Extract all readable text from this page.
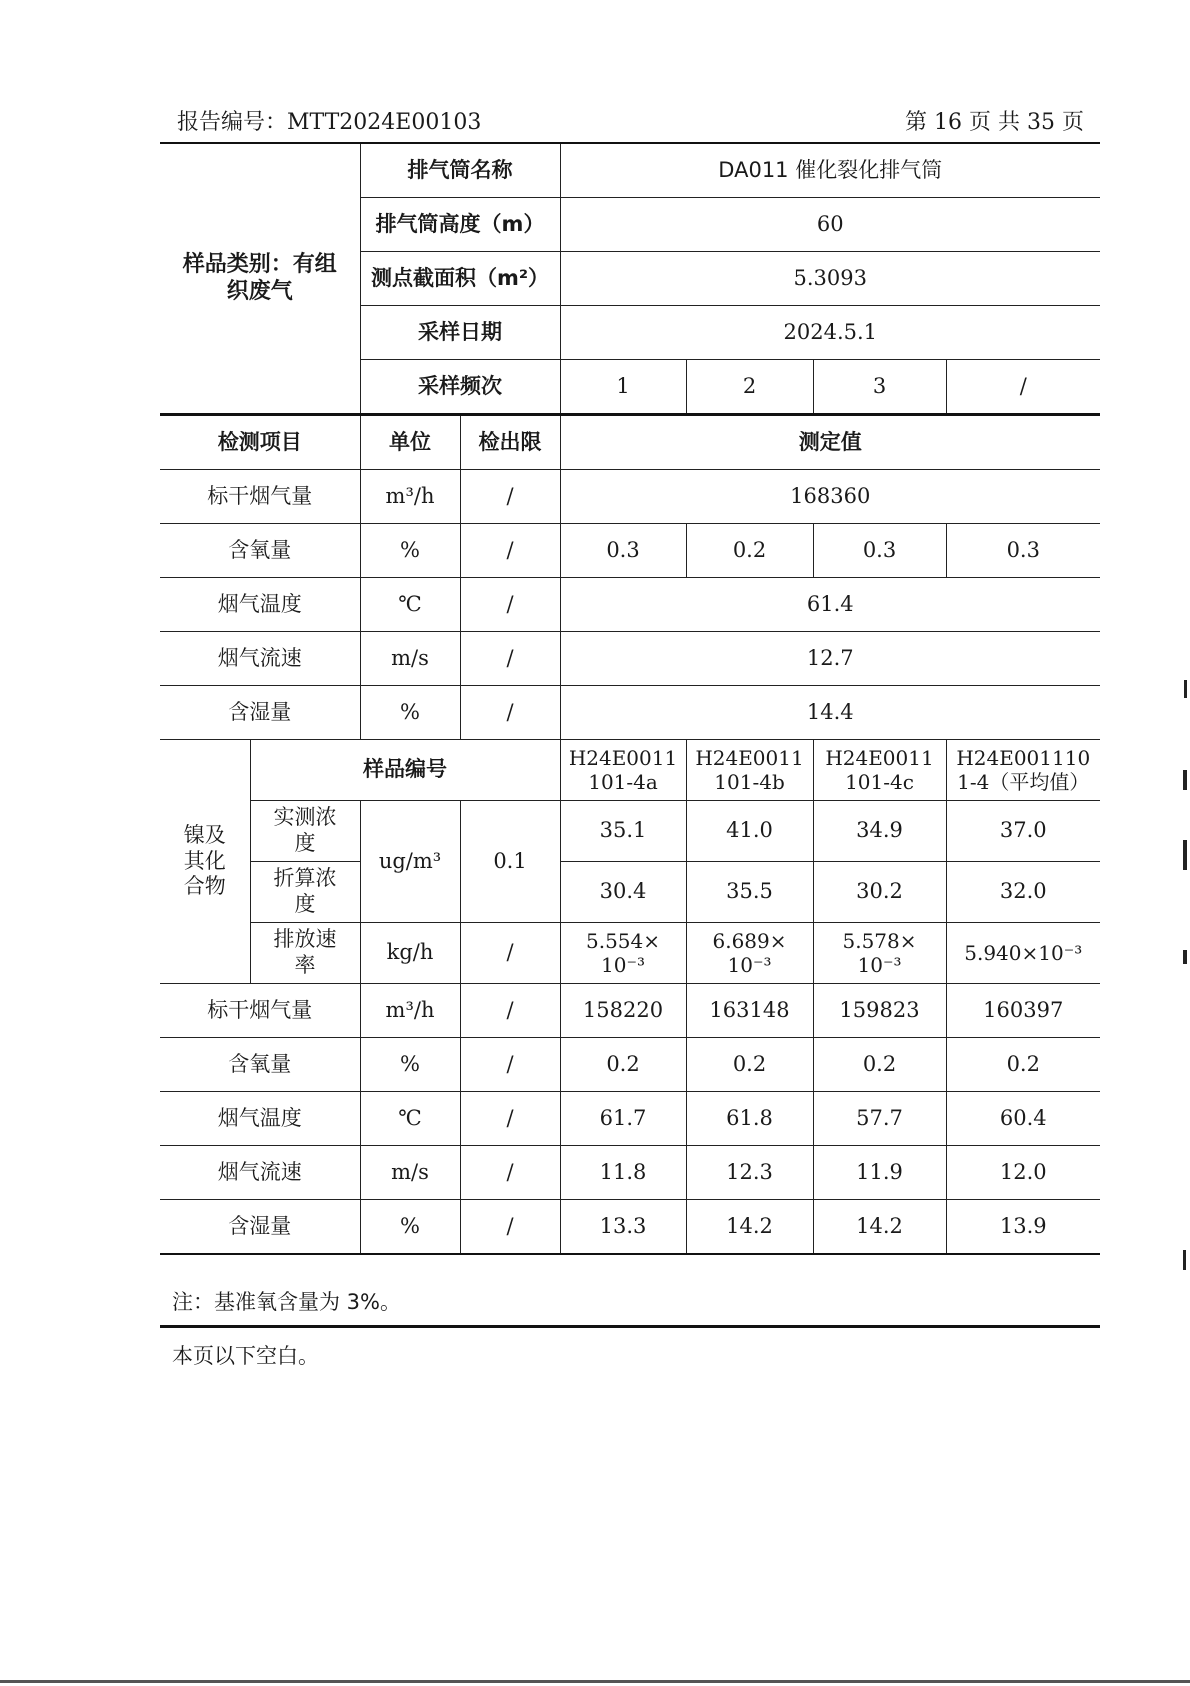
报告编号：MTT2024E00103	第 16 页 共 35 页
样品类别：有组织废气		排气筒名称		DA011 催化裂化排气筒			
		排气筒高度（m）		60			
		测点截面积（m²）		5.3093			
		采样日期		2024.5.1			
		采样频次		1	2	3	/
检测项目		单位	检出限	测定值			
标干烟气量		m³/h	/	168360			
含氧量		%	/	0.3	0.2	0.3	0.3
烟气温度		℃	/	61.4			
烟气流速		m/s	/	12.7			
含湿量		%	/	14.4			
镍及其化合物	样品编号			H24E0011 101-4a	H24E0011 101-4b	H24E0011 101-4c	H24E001110 1-4（平均值）
	实测浓度	ug/m³	0.1	35.1	41.0	34.9	37.0
	折算浓度			30.4	35.5	30.2	32.0
	排放速率	kg/h	/	5.554× 10⁻³	6.689× 10⁻³	5.578× 10⁻³	5.940×10⁻³
标干烟气量		m³/h	/	158220	163148	159823	160397
含氧量		%	/	0.2	0.2	0.2	0.2
烟气温度		℃	/	61.7	61.8	57.7	60.4
烟气流速		m/s	/	11.8	12.3	11.9	12.0
含湿量		%	/	13.3	14.2	14.2	13.9
注：基准氧含量为 3%。
本页以下空白。
